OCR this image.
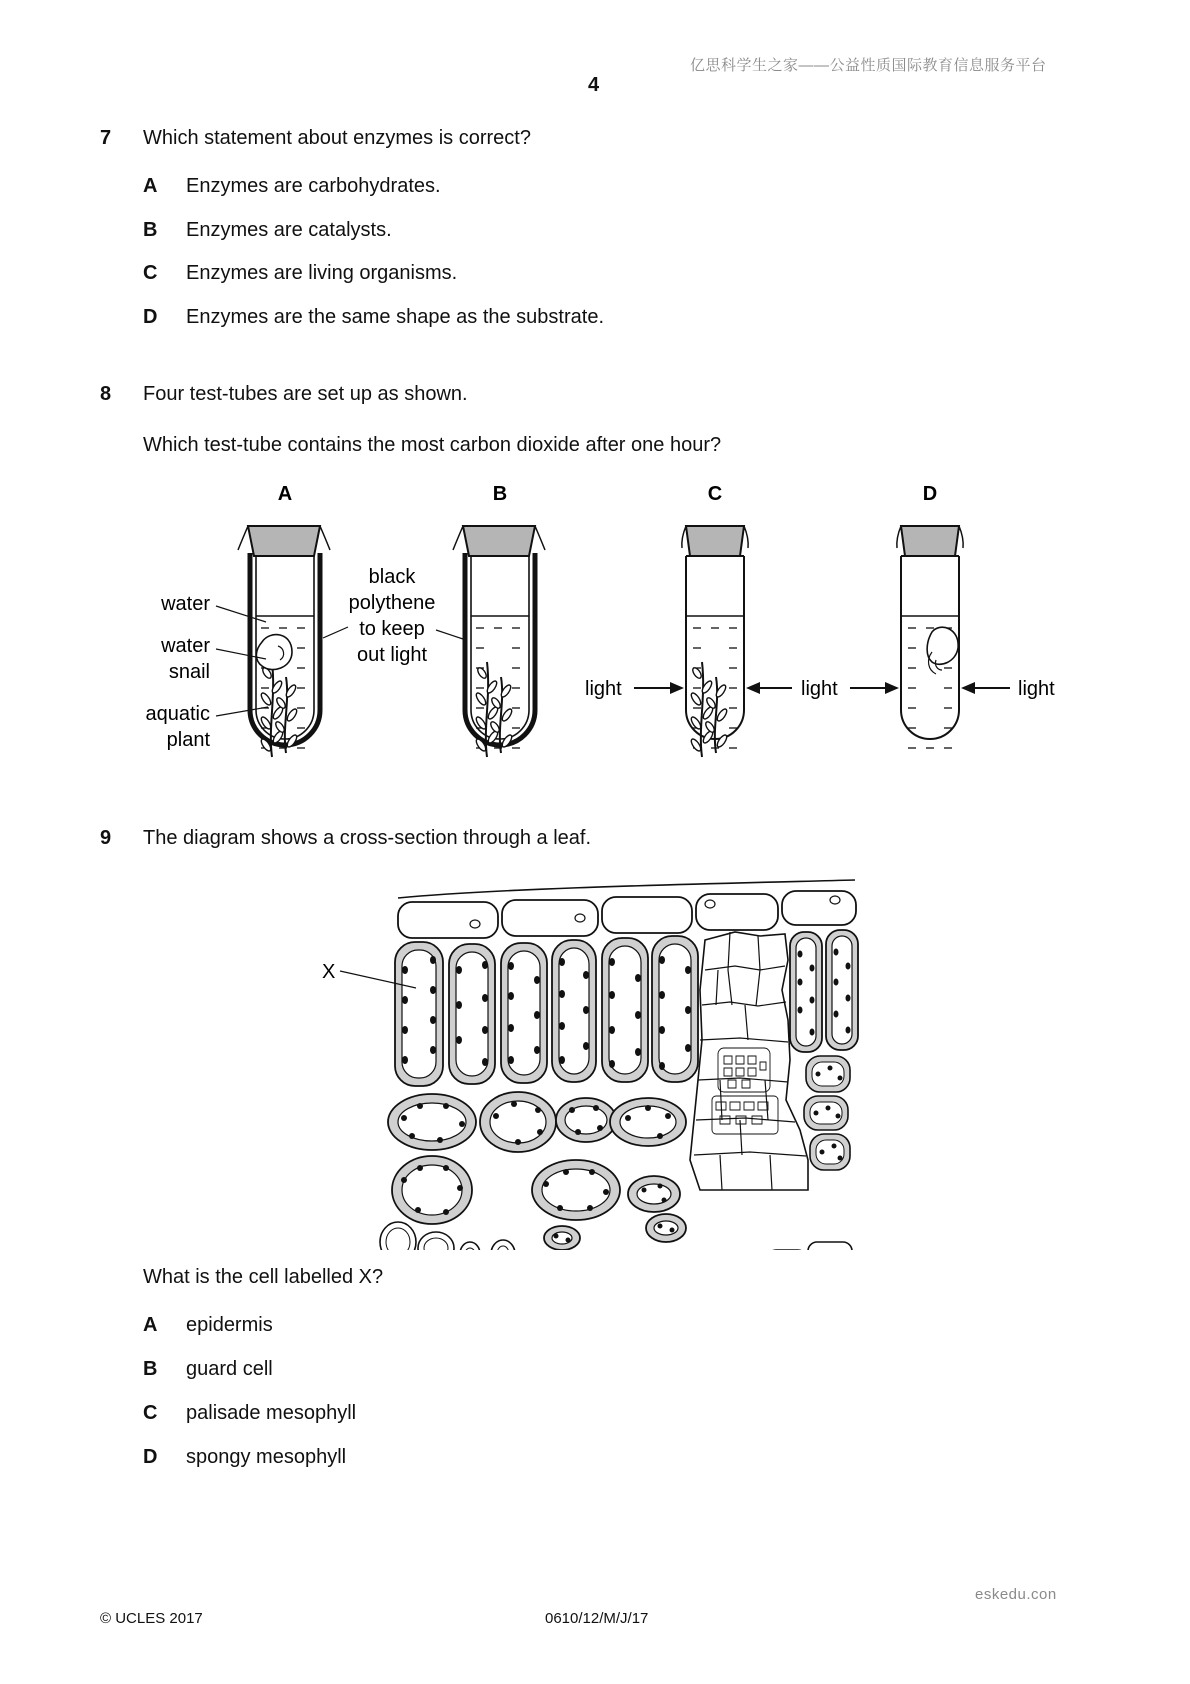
亿思科学生之家——公益性质国际教育信息服务平台
4
7 Which statement about enzymes is correct?
A Enzymes are carbohydrates.
B Enzymes are catalysts.
C Enzymes are living organisms.
D Enzymes are the same shape as the substrate.
8 Four test-tubes are set up as shown.
Which test-tube contains the most carbon dioxide after one hour?
A	B	C	D
water
water
snail
aquatic
plant
black
polythene
to keep
out light
light	light	light
9 The diagram shows a cross-section through a leaf.
X
What is the cell labelled X?
A epidermis
B guard cell
C palisade mesophyll
D spongy mesophyll
eskedu.con
© UCLES 2017	0610/12/M/J/17
